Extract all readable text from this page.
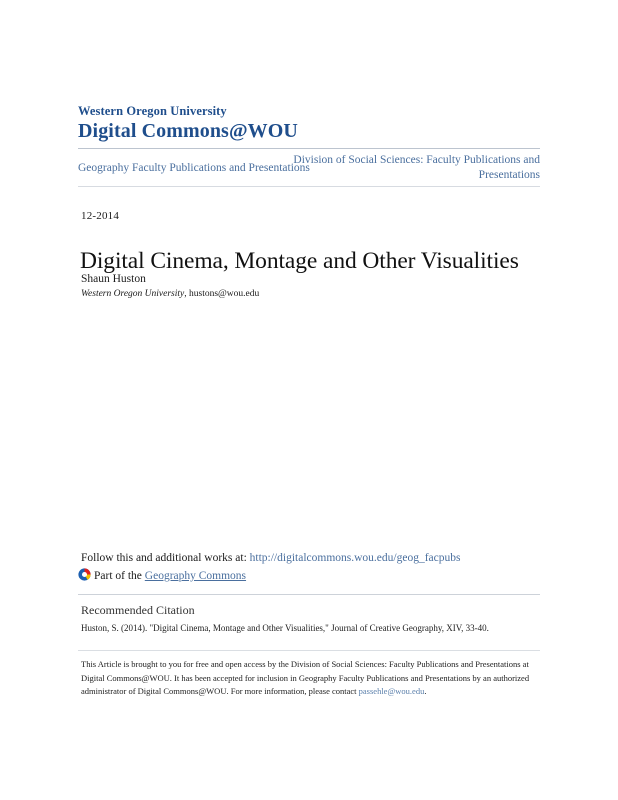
Western Oregon University
Digital Commons@WOU
Geography Faculty Publications and Presentations
Division of Social Sciences: Faculty Publications and Presentations
12-2014
Digital Cinema, Montage and Other Visualities
Shaun Huston
Western Oregon University, hustons@wou.edu
Follow this and additional works at: http://digitalcommons.wou.edu/geog_facpubs
Part of the Geography Commons
Recommended Citation
Huston, S. (2014). "Digital Cinema, Montage and Other Visualities," Journal of Creative Geography, XIV, 33-40.
This Article is brought to you for free and open access by the Division of Social Sciences: Faculty Publications and Presentations at Digital Commons@WOU. It has been accepted for inclusion in Geography Faculty Publications and Presentations by an authorized administrator of Digital Commons@WOU. For more information, please contact passehle@wou.edu.
